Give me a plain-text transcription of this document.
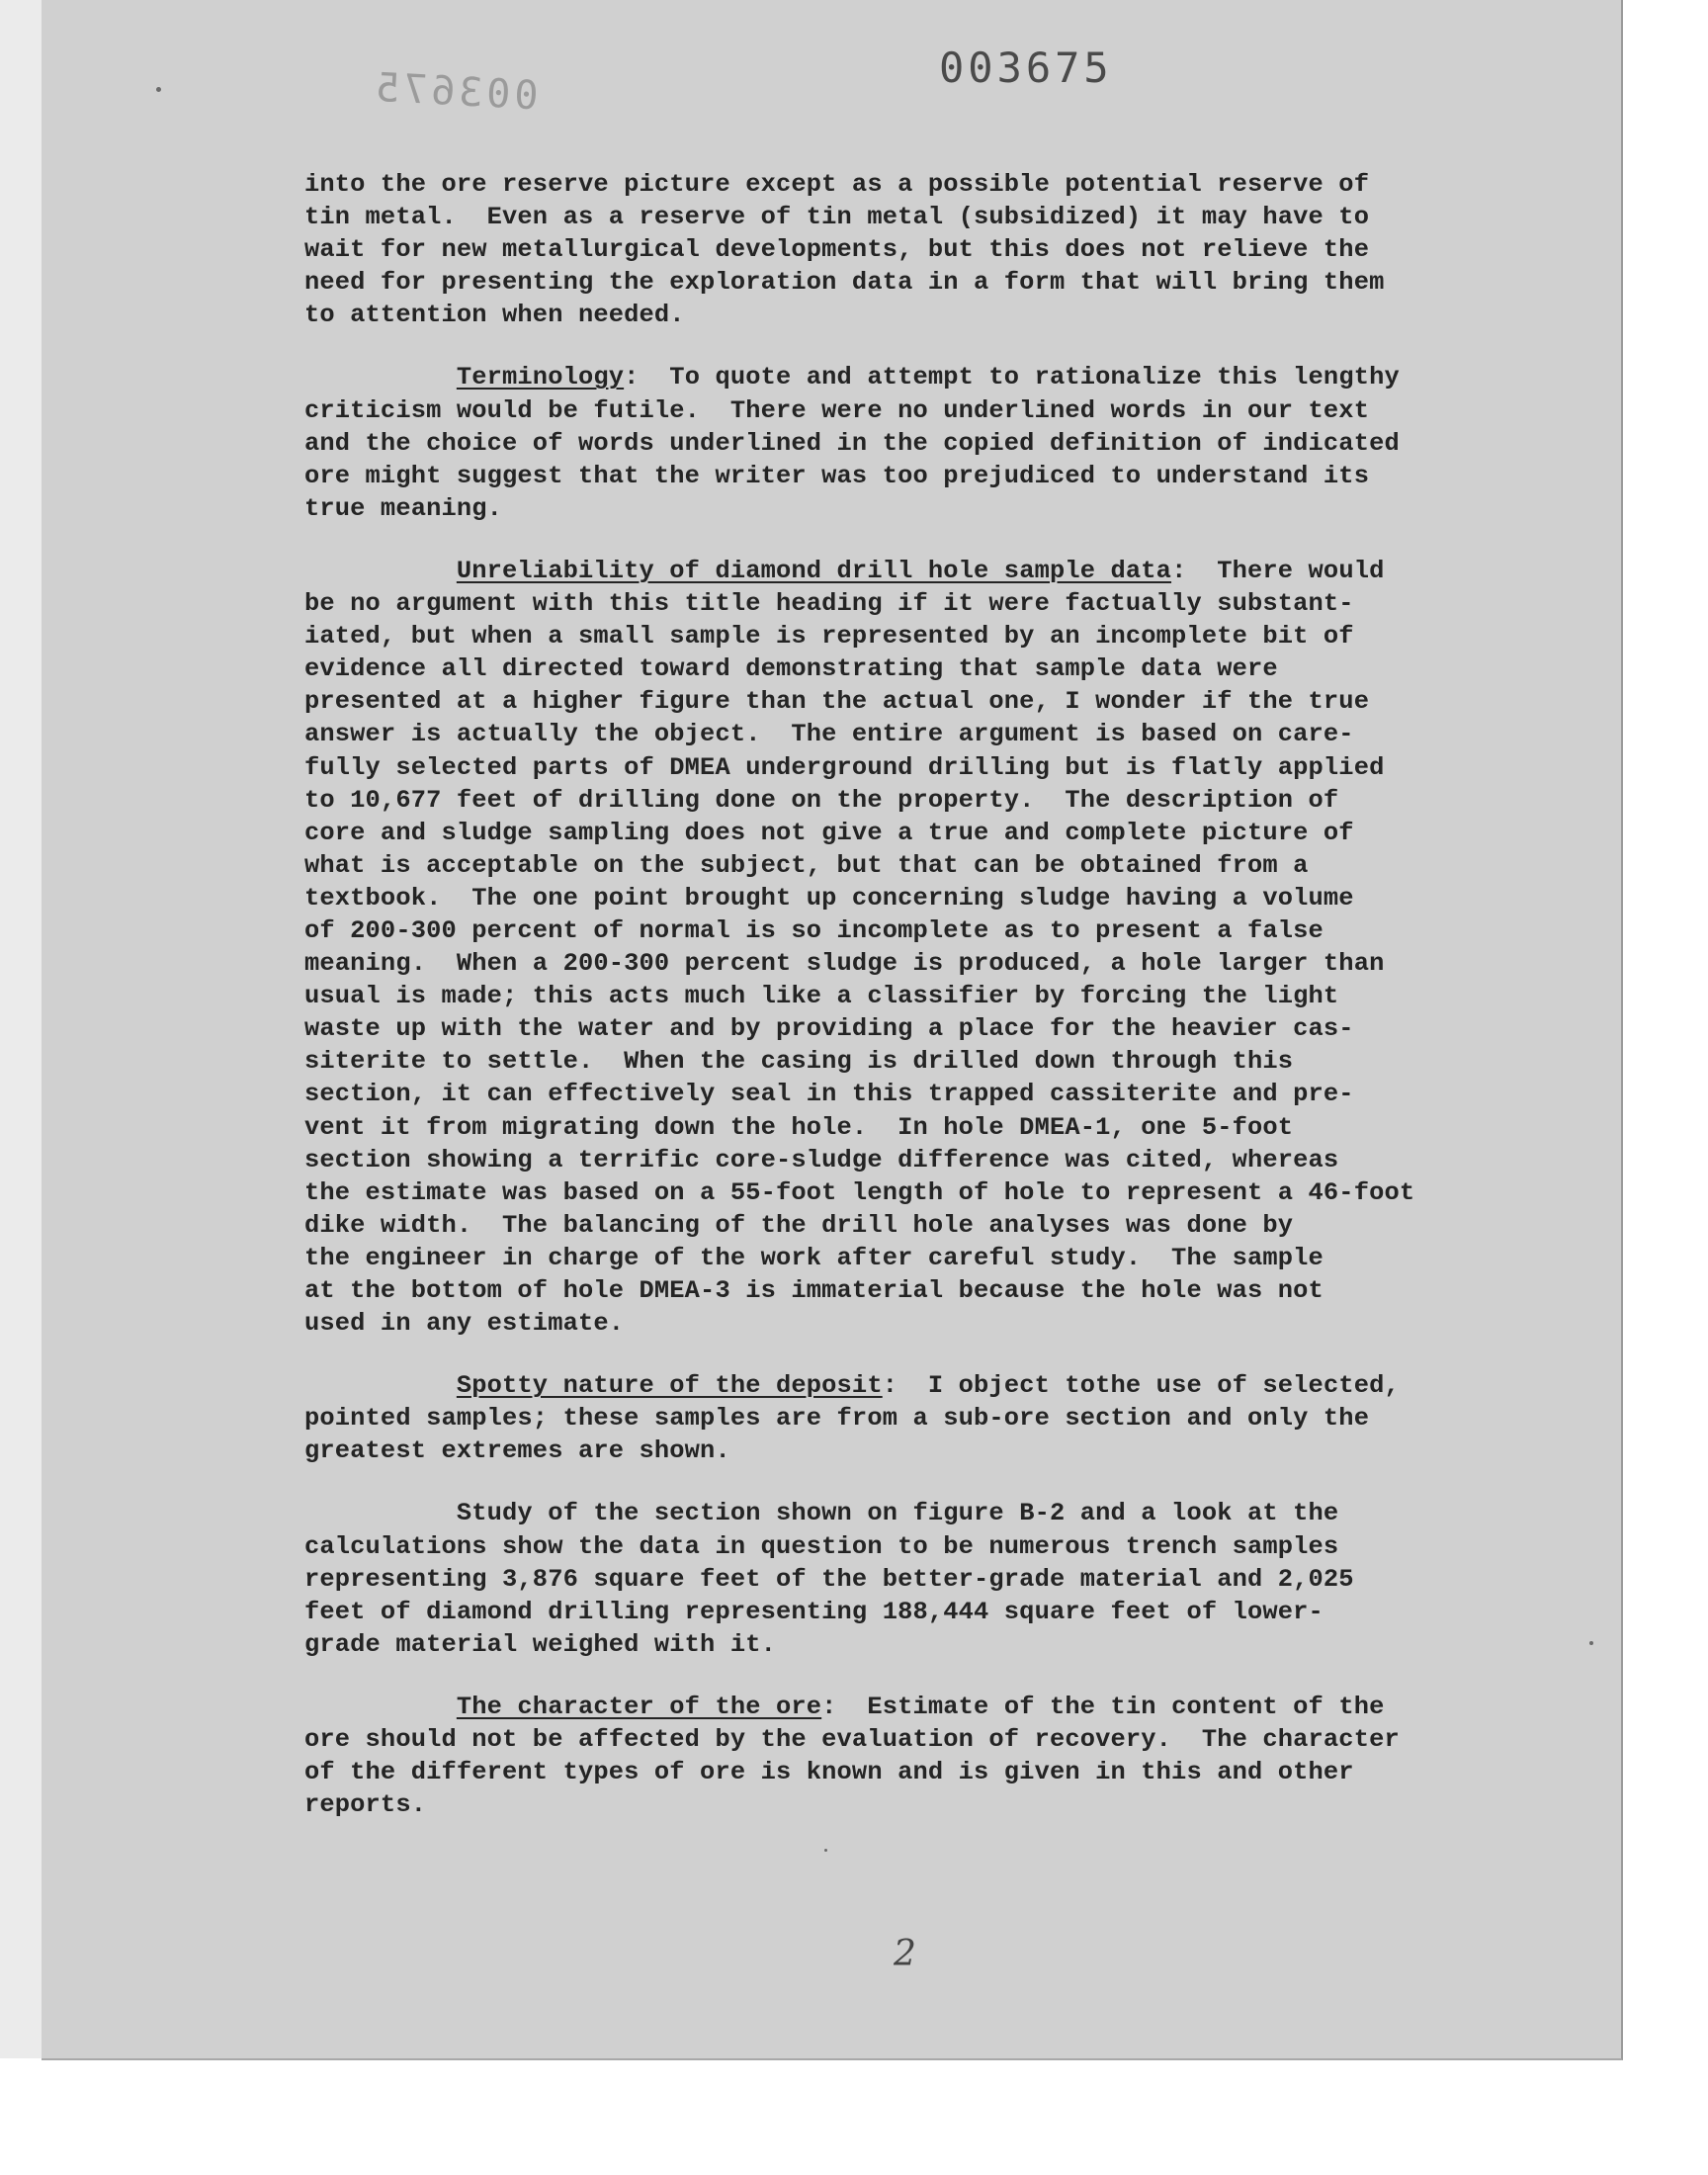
003675
003675
into the ore reserve picture except as a possible potential reserve of
tin metal.  Even as a reserve of tin metal (subsidized) it may have to
wait for new metallurgical developments, but this does not relieve the
need for presenting the exploration data in a form that will bring them
to attention when needed.
Terminology:  To quote and attempt to rationalize this lengthy
criticism would be futile.  There were no underlined words in our text
and the choice of words underlined in the copied definition of indicated
ore might suggest that the writer was too prejudiced to understand its
true meaning.
Unreliability of diamond drill hole sample data:  There would
be no argument with this title heading if it were factually substant-
iated, but when a small sample is represented by an incomplete bit of
evidence all directed toward demonstrating that sample data were
presented at a higher figure than the actual one, I wonder if the true
answer is actually the object.  The entire argument is based on care-
fully selected parts of DMEA underground drilling but is flatly applied
to 10,677 feet of drilling done on the property.  The description of
core and sludge sampling does not give a true and complete picture of
what is acceptable on the subject, but that can be obtained from a
textbook.  The one point brought up concerning sludge having a volume
of 200-300 percent of normal is so incomplete as to present a false
meaning.  When a 200-300 percent sludge is produced, a hole larger than
usual is made; this acts much like a classifier by forcing the light
waste up with the water and by providing a place for the heavier cas-
siterite to settle.  When the casing is drilled down through this
section, it can effectively seal in this trapped cassiterite and pre-
vent it from migrating down the hole.  In hole DMEA-1, one 5-foot
section showing a terrific core-sludge difference was cited, whereas
the estimate was based on a 55-foot length of hole to represent a 46-foot
dike width.  The balancing of the drill hole analyses was done by
the engineer in charge of the work after careful study.  The sample
at the bottom of hole DMEA-3 is immaterial because the hole was not
used in any estimate.
Spotty nature of the deposit:  I object tothe use of selected,
pointed samples; these samples are from a sub-ore section and only the
greatest extremes are shown.
Study of the section shown on figure B-2 and a look at the
calculations show the data in question to be numerous trench samples
representing 3,876 square feet of the better-grade material and 2,025
feet of diamond drilling representing 188,444 square feet of lower-
grade material weighed with it.
The character of the ore:  Estimate of the tin content of the
ore should not be affected by the evaluation of recovery.  The character
of the different types of ore is known and is given in this and other
reports.
2
